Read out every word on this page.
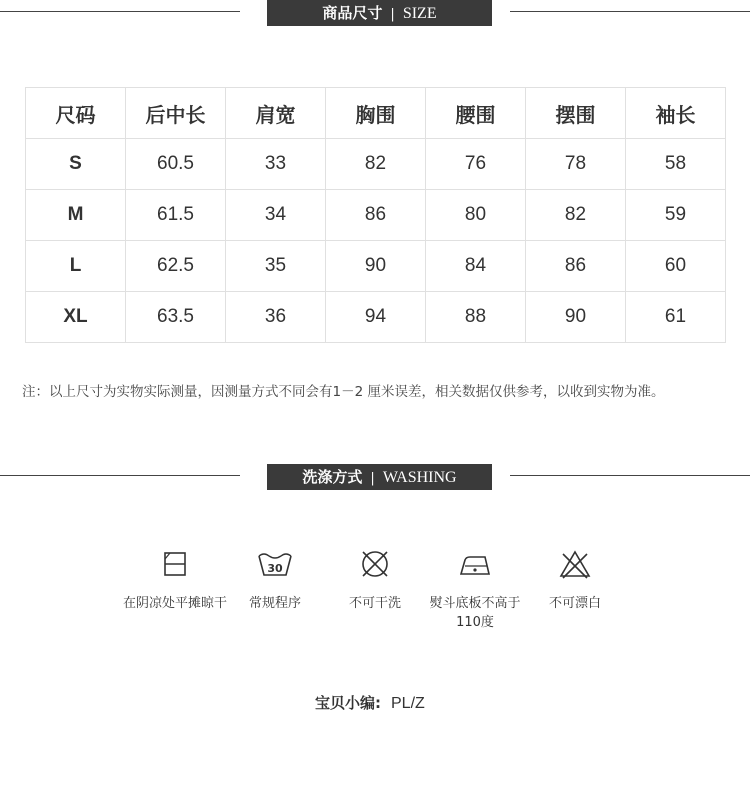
商品尺寸 | SIZE
尺码	后中长	肩宽	胸围	腰围	摆围	袖长
S	60.5	33	82	76	78	58
M	61.5	34	86	80	82	59
L	62.5	35	90	84	86	60
XL	63.5	36	94	88	90	61
注：以上尺寸为实物实际测量，因测量方式不同会有1－2 厘米误差，相关数据仅供参考，以收到实物为准。
洗涤方式 | WASHING
在阴凉处平摊晾干
30
常规程序	不可干洗	熨斗底板不高于110度
不可漂白
宝贝小编: PL/Z
